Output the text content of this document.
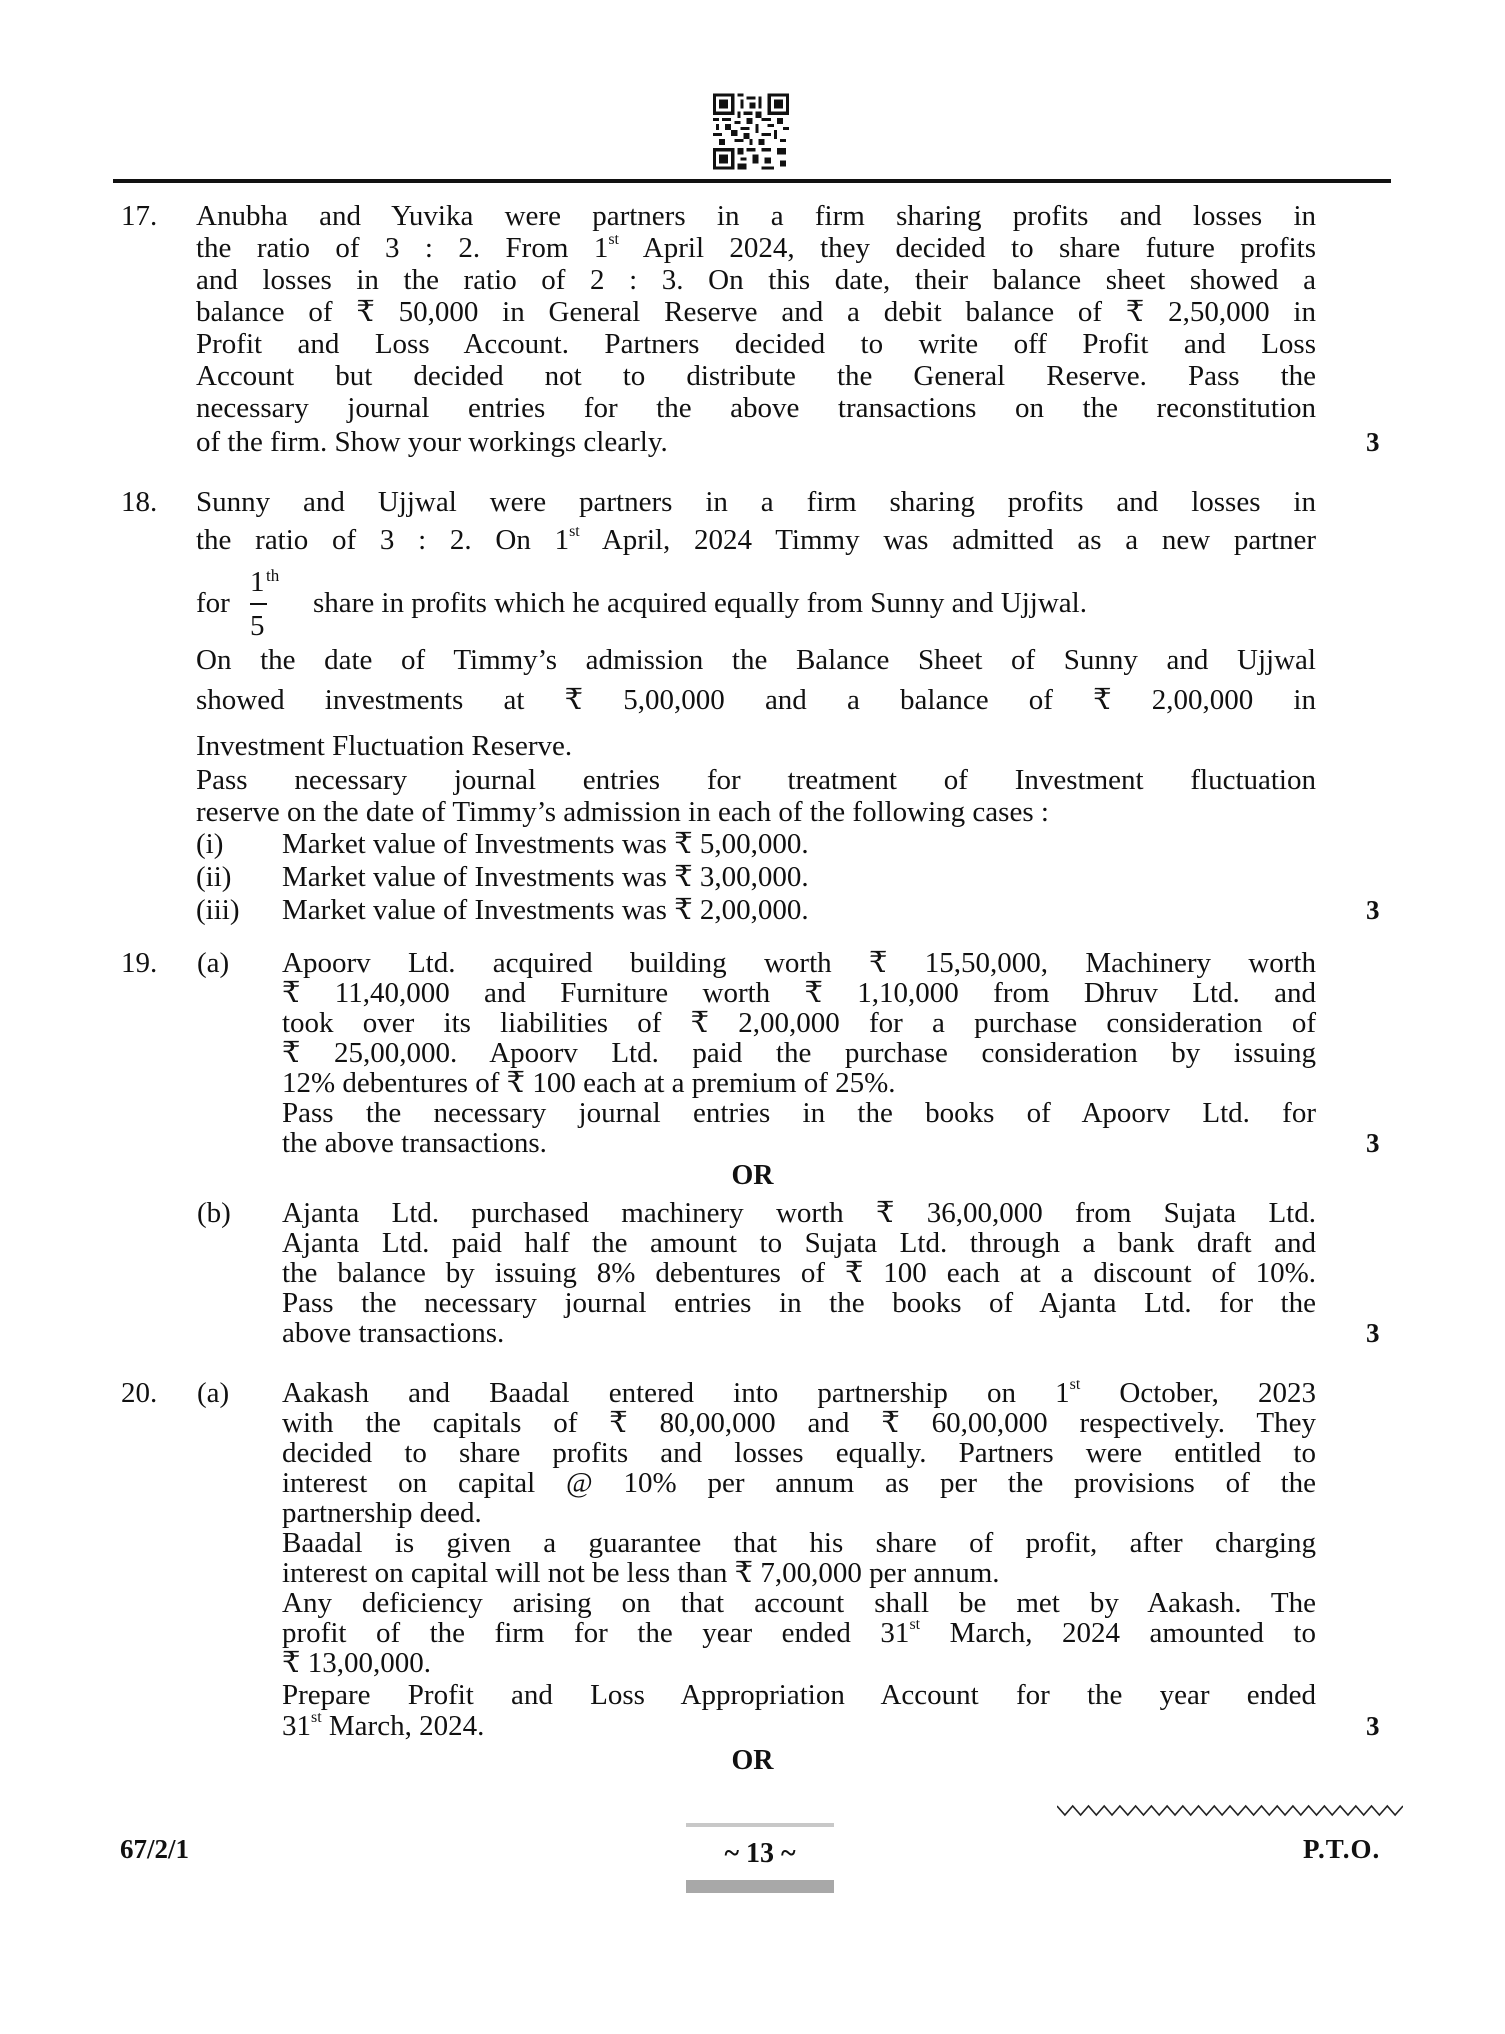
17. Anubha and Yuvika were partners in a firm sharing profits and losses in
the ratio of 3 : 2. From 1st April 2024, they decided to share future profits
and losses in the ratio of 2 : 3. On this date, their balance sheet showed a
balance of ₹ 50,000 in General Reserve and a debit balance of ₹ 2,50,000 in
Profit and Loss Account. Partners decided to write off Profit and Loss
Account but decided not to distribute the General Reserve. Pass the
necessary journal entries for the above transactions on the reconstitution
of the firm. Show your workings clearly.	3
18. Sunny and Ujjwal were partners in a firm sharing profits and losses in
the ratio of 3 : 2. On 1st April, 2024 Timmy was admitted as a new partner
for
1 th
5
share in profits which he acquired equally from Sunny and Ujjwal.
On the date of Timmy’s admission the Balance Sheet of Sunny and Ujjwal
showed investments at ₹ 5,00,000 and a balance of ₹ 2,00,000 in
Investment Fluctuation Reserve.
Pass necessary journal entries for treatment of Investment fluctuation
reserve on the date of Timmy’s admission in each of the following cases :
(i) Market value of Investments was ₹ 5,00,000.
(ii) Market value of Investments was ₹ 3,00,000.
(iii) Market value of Investments was ₹ 2,00,000.	3
19. (a) Apoorv Ltd. acquired building worth ₹ 15,50,000, Machinery worth
₹ 11,40,000 and Furniture worth ₹ 1,10,000 from Dhruv Ltd. and
took over its liabilities of ₹ 2,00,000 for a purchase consideration of
₹ 25,00,000. Apoorv Ltd. paid the purchase consideration by issuing
12% debentures of ₹ 100 each at a premium of 25%.
Pass the necessary journal entries in the books of Apoorv Ltd. for
the above transactions.	3
OR
(b) Ajanta Ltd. purchased machinery worth ₹ 36,00,000 from Sujata Ltd.
Ajanta Ltd. paid half the amount to Sujata Ltd. through a bank draft and
the balance by issuing 8% debentures of ₹ 100 each at a discount of 10%.
Pass the necessary journal entries in the books of Ajanta Ltd. for the
above transactions.	3
20. (a) Aakash and Baadal entered into partnership on 1st October, 2023
with the capitals of ₹ 80,00,000 and ₹ 60,00,000 respectively. They
decided to share profits and losses equally. Partners were entitled to
interest on capital @ 10% per annum as per the provisions of the
partnership deed.
Baadal is given a guarantee that his share of profit, after charging
interest on capital will not be less than ₹ 7,00,000 per annum.
Any deficiency arising on that account shall be met by Aakash. The
profit of the firm for the year ended 31st March, 2024 amounted to
₹ 13,00,000.
Prepare Profit and Loss Appropriation Account for the year ended
31st March, 2024.	3
OR
67/2/1	~ 13 ~	P.T.O.
